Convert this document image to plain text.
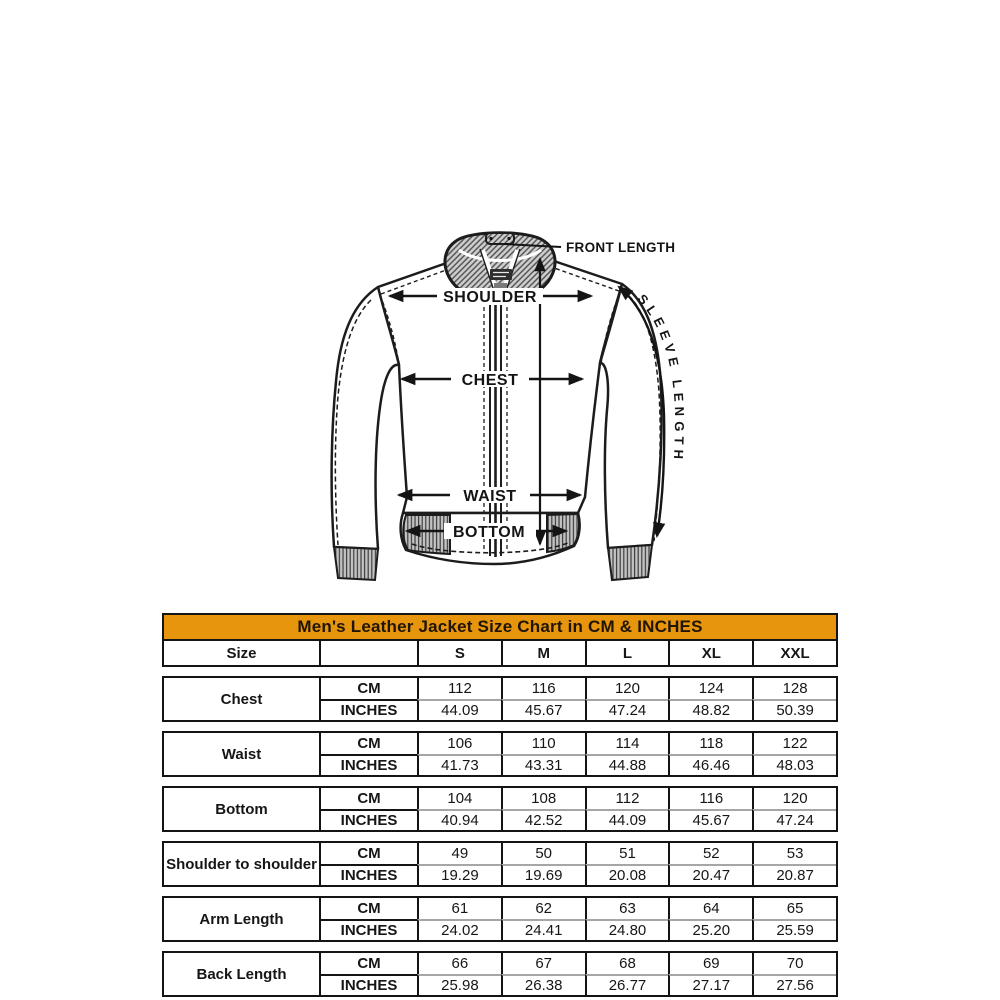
FRONT LENGTH
SHOULDER
CHEST
WAIST
BOTTOM
SLEEVE LENGTH
Men's Leather Jacket Size Chart in CM & INCHES
Size	S	M	L	XL	XXL
Chest
CM	112	116	120	124	128
INCHES	44.09	45.67	47.24	48.82	50.39
Waist
CM	106	110	114	118	122
INCHES	41.73	43.31	44.88	46.46	48.03
Bottom
CM	104	108	112	116	120
INCHES	40.94	42.52	44.09	45.67	47.24
Shoulder to shoulder
CM	49	50	51	52	53
INCHES	19.29	19.69	20.08	20.47	20.87
Arm Length
CM	61	62	63	64	65
INCHES	24.02	24.41	24.80	25.20	25.59
Back Length
CM	66	67	68	69	70
INCHES	25.98	26.38	26.77	27.17	27.56
